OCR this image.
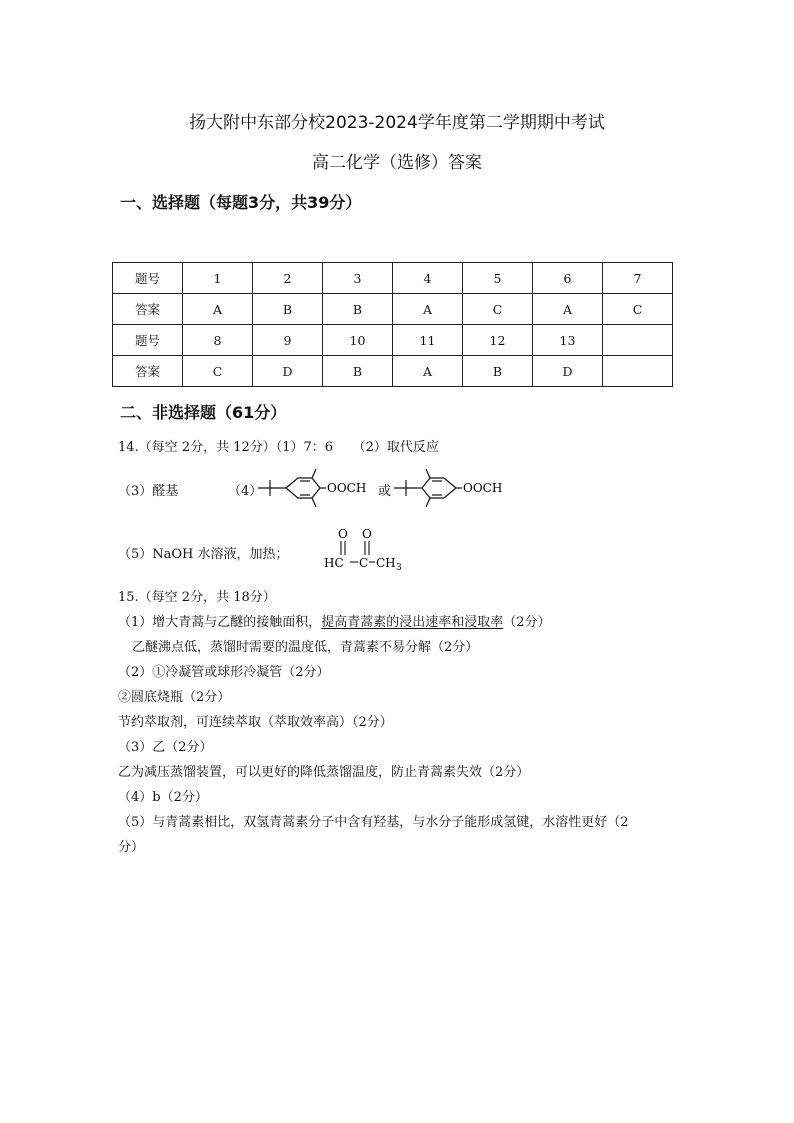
扬大附中东部分校2023-2024学年度第二学期期中考试
高二化学（选修）答案
一、选择题（每题3分，共39分）
题号	1	2	3	4	5	6	7
答案	A	B	B	A	C	A	C
题号	8	9	10	11	12	13	
答案	C	D	B	A	B	D	
二、非选择题（61分）
14.（每空 2分，共 12分）（1）7：6　　（2）取代反应
（3）醛基	（4）	OOCH 或	OOCH
（5）NaOH 水溶液，加热；
O O
HC C CH 3
15.（每空 2分，共 18分）
（1）增大青蒿与乙醚的接触面积，提高青蒿素的浸出速率和浸取率（2分）
乙醚沸点低，蒸馏时需要的温度低，青蒿素不易分解（2分）
（2）①冷凝管或球形冷凝管（2分）
②圆底烧瓶（2分）
节约萃取剂，可连续萃取（萃取效率高）（2分）
（3）乙（2分）
乙为减压蒸馏装置，可以更好的降低蒸馏温度，防止青蒿素失效（2分）
（4）b（2分）
（5）与青蒿素相比，双氢青蒿素分子中含有羟基，与水分子能形成氢键，水溶性更好（2
分）
